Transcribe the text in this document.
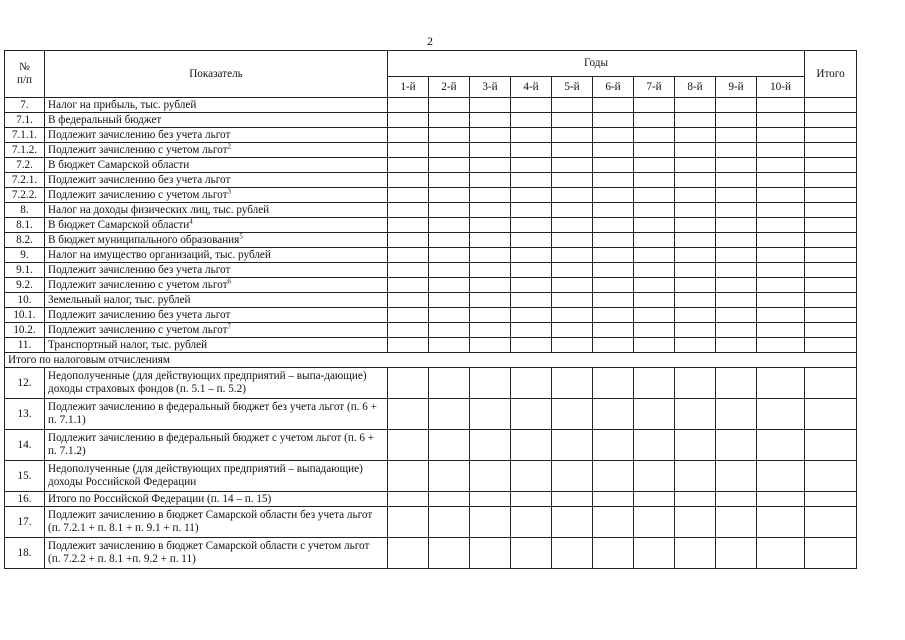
2
№
п/п	Показатель	Годы										Итого
		1-й	2-й	3-й	4-й	5-й	6-й	7-й	8-й	9-й	10-й	
7.	Налог на прибыль, тыс. рублей											
7.1.	В федеральный бюджет											
7.1.1.	Подлежит зачислению без учета льгот											
7.1.2.	Подлежит зачислению с учетом льгот$^2$											
7.2.	В бюджет Самарской области											
7.2.1.	Подлежит зачислению без учета льгот											
7.2.2.	Подлежит зачислению с учетом льгот$^3$											
8.	Налог на доходы физических лиц, тыс. рублей											
8.1.	В бюджет Самарской области$^4$											
8.2.	В бюджет муниципального образования$^5$											
9.	Налог на имущество организаций, тыс. рублей											
9.1.	Подлежит зачислению без учета льгот											
9.2.	Подлежит зачислению с учетом льгот$^6$											
10.	Земельный налог, тыс. рублей											
10.1.	Подлежит зачислению без учета льгот											
10.2.	Подлежит зачислению с учетом льгот$^7$											
11.	Транспортный налог, тыс. рублей											
Итого по налоговым отчислениям												
12.	Недополученные (для действующих предприятий – выпа-дающие) доходы страховых фондов (п. 5.1 – п. 5.2)											
13.	Подлежит зачислению в федеральный бюджет без учета льгот (п. 6 + п. 7.1.1)											
14.	Подлежит зачислению в федеральный бюджет с учетом льгот (п. 6 + п. 7.1.2)											
15.	Недополученные (для действующих предприятий – выпадающие) доходы Российской Федерации											
16.	Итого по Российской Федерации (п. 14 – п. 15)											
17.	Подлежит зачислению в бюджет Самарской области без учета льгот (п. 7.2.1 + п. 8.1 + п. 9.1 + п. 11)											
18.	Подлежит зачислению в бюджет Самарской области с учетом льгот (п. 7.2.2 + п. 8.1 +п. 9.2 + п. 11)											
